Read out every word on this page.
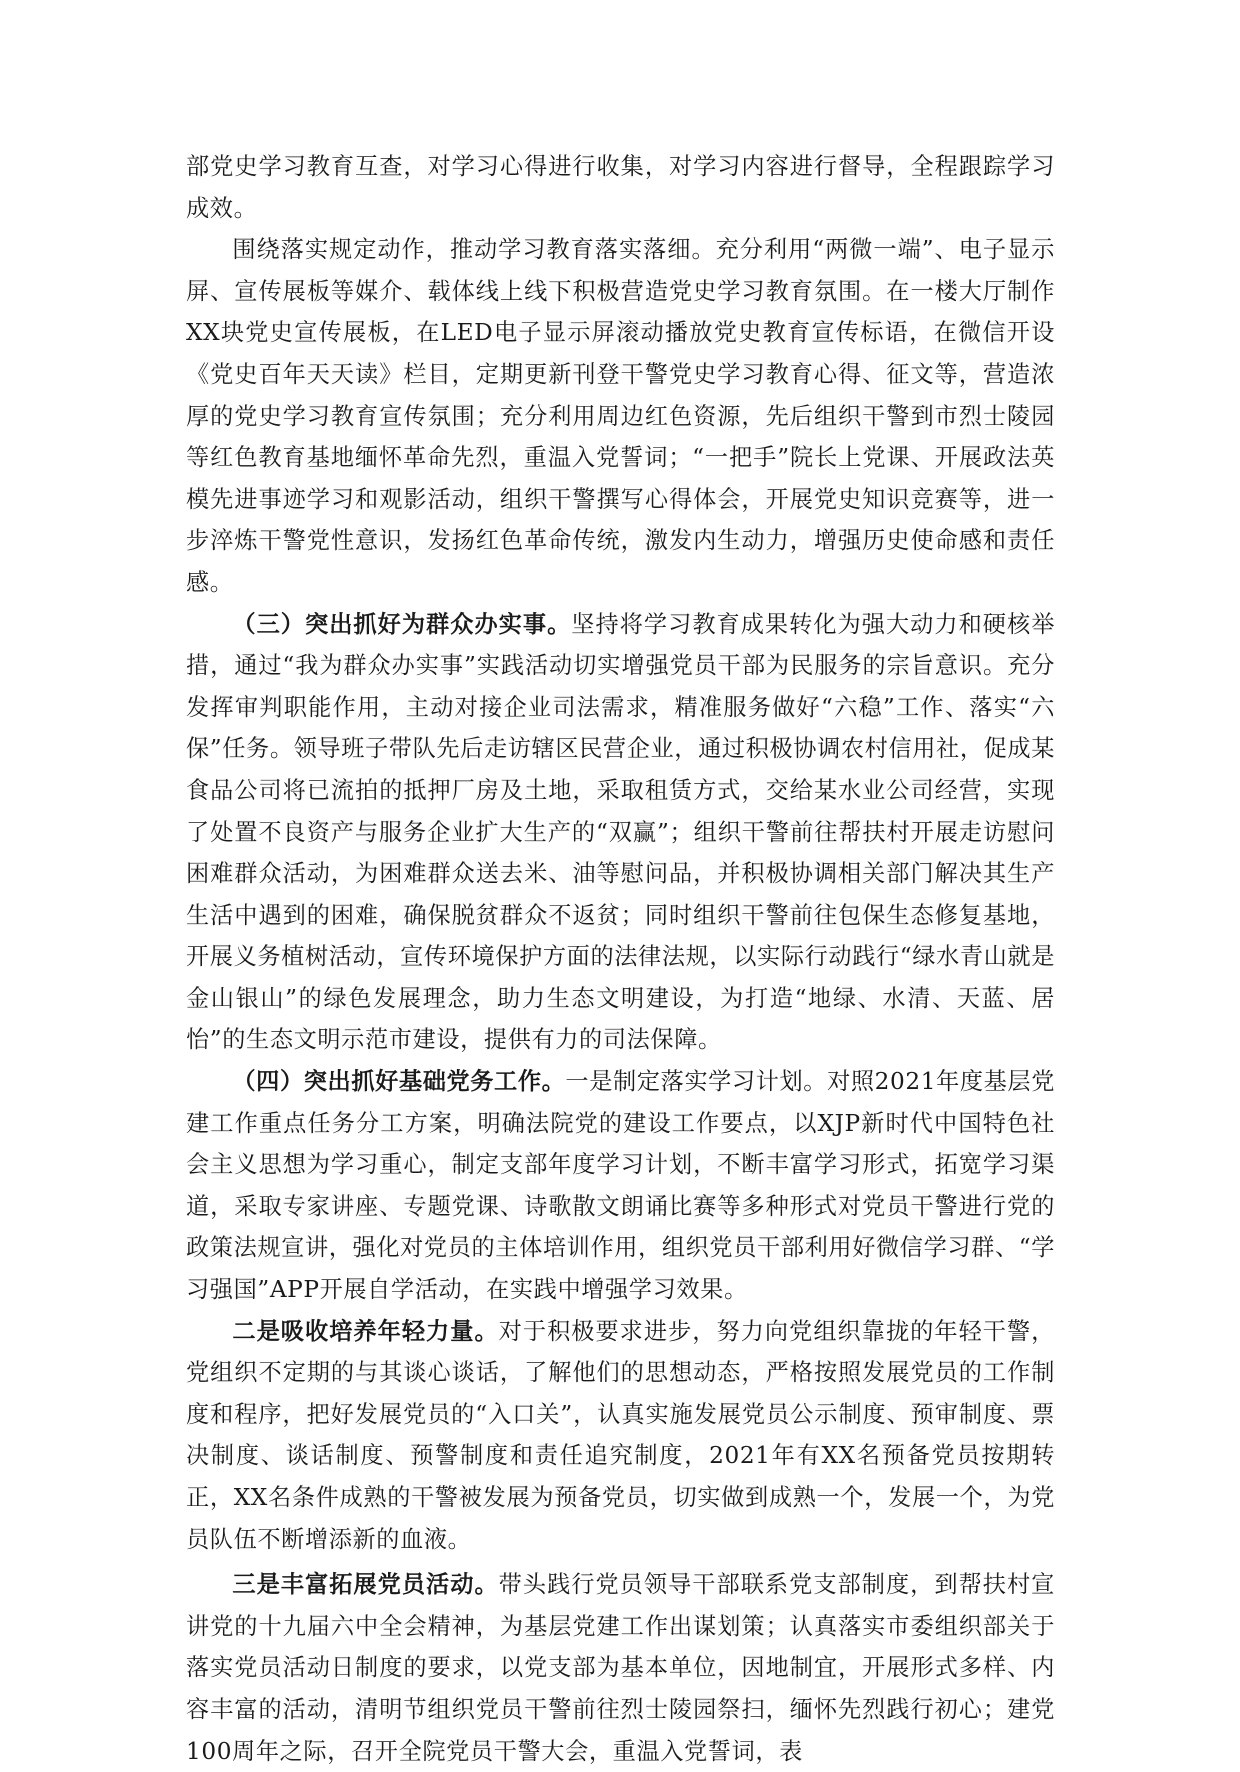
部党史学习教育互查，对学习心得进行收集，对学习内容进行督导，全程跟踪学习成效。

围绕落实规定动作，推动学习教育落实落细。充分利用“两微一端”、电子显示屏、宣传展板等媒介、载体线上线下积极营造党史学习教育氛围。在一楼大厅制作XX块党史宣传展板，在LED电子显示屏滚动播放党史教育宣传标语，在微信开设《党史百年天天读》栏目，定期更新刊登干警党史学习教育心得、征文等，营造浓厚的党史学习教育宣传氛围；充分利用周边红色资源，先后组织干警到市烈士陵园等红色教育基地缅怀革命先烈，重温入党誓词；“一把手”院长上党课、开展政法英模先进事迹学习和观影活动，组织干警撰写心得体会，开展党史知识竞赛等，进一步淬炼干警党性意识，发扬红色革命传统，激发内生动力，增强历史使命感和责任感。

（三）突出抓好为群众办实事。坚持将学习教育成果转化为强大动力和硬核举措，通过“我为群众办实事”实践活动切实增强党员干部为民服务的宗旨意识。充分发挥审判职能作用，主动对接企业司法需求，精准服务做好“六稳”工作、落实“六保”任务。领导班子带队先后走访辖区民营企业，通过积极协调农村信用社，促成某食品公司将已流拍的抵押厂房及土地，采取租赁方式，交给某水业公司经营，实现了处置不良资产与服务企业扩大生产的“双赢”；组织干警前往帮扶村开展走访慰问困难群众活动，为困难群众送去米、油等慰问品，并积极协调相关部门解决其生产生活中遇到的困难，确保脱贫群众不返贫；同时组织干警前往包保生态修复基地，开展义务植树活动，宣传环境保护方面的法律法规，以实际行动践行“绿水青山就是金山银山”的绿色发展理念，助力生态文明建设，为打造“地绿、水清、天蓝、居怡”的生态文明示范市建设，提供有力的司法保障。

（四）突出抓好基础党务工作。一是制定落实学习计划。对照2021年度基层党建工作重点任务分工方案，明确法院党的建设工作要点，以XJP新时代中国特色社会主义思想为学习重心，制定支部年度学习计划，不断丰富学习形式，拓宽学习渠道，采取专家讲座、专题党课、诗歌散文朗诵比赛等多种形式对党员干警进行党的政策法规宣讲，强化对党员的主体培训作用，组织党员干部利用好微信学习群、“学习强国”APP开展自学活动，在实践中增强学习效果。

二是吸收培养年轻力量。对于积极要求进步，努力向党组织靠拢的年轻干警，党组织不定期的与其谈心谈话，了解他们的思想动态，严格按照发展党员的工作制度和程序，把好发展党员的“入口关”，认真实施发展党员公示制度、预审制度、票决制度、谈话制度、预警制度和责任追究制度，2021年有XX名预备党员按期转正，XX名条件成熟的干警被发展为预备党员，切实做到成熟一个，发展一个，为党员队伍不断增添新的血液。

三是丰富拓展党员活动。带头践行党员领导干部联系党支部制度，到帮扶村宣讲党的十九届六中全会精神，为基层党建工作出谋划策；认真落实市委组织部关于落实党员活动日制度的要求，以党支部为基本单位，因地制宜，开展形式多样、内容丰富的活动，清明节组织党员干警前往烈士陵园祭扫，缅怀先烈践行初心；建党100周年之际，召开全院党员干警大会，重温入党誓词，表
